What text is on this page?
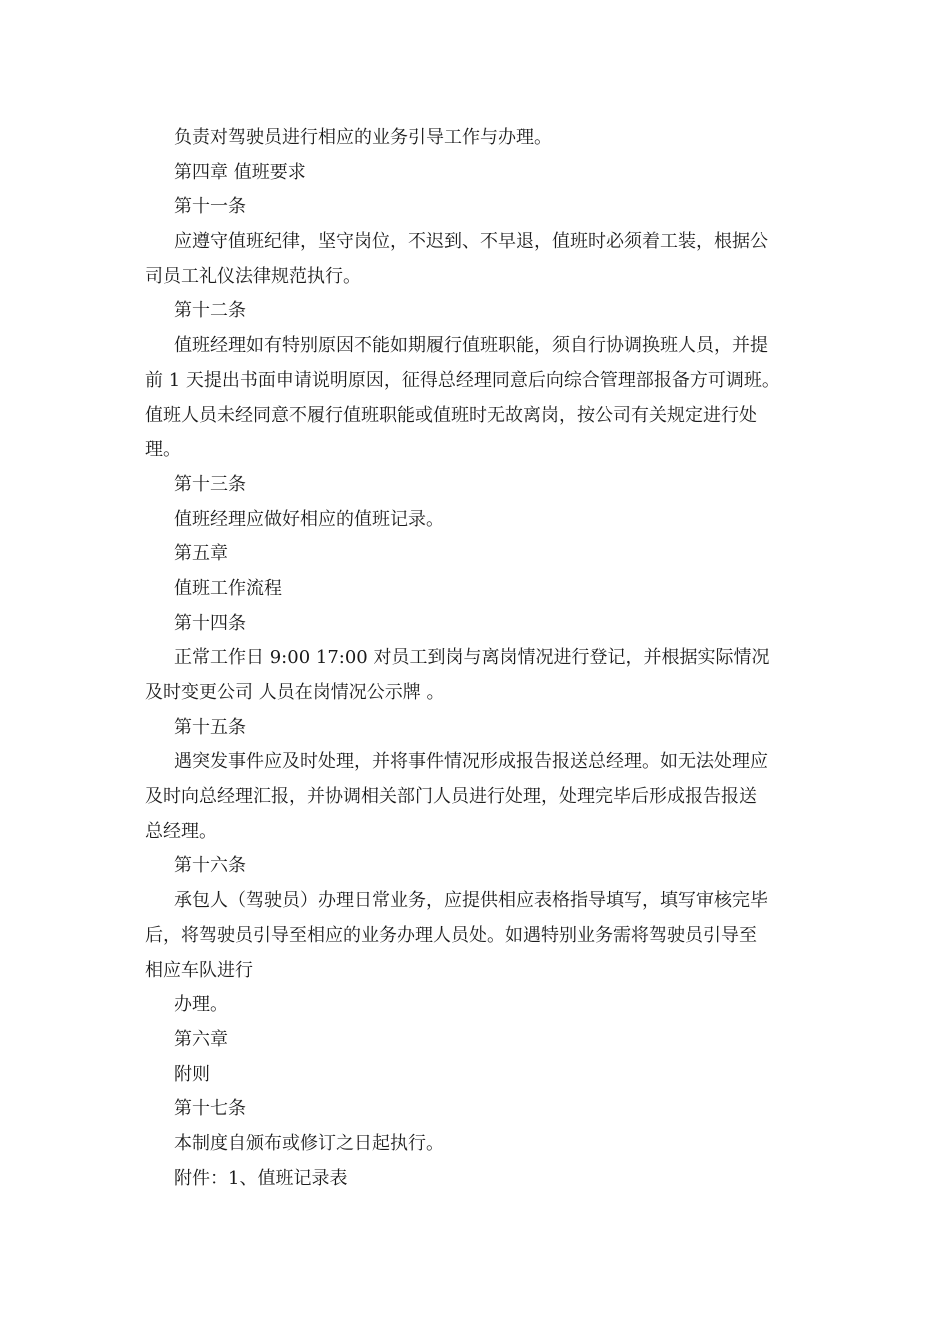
负责对驾驶员进行相应的业务引导工作与办理。
第四章 值班要求
第十一条
应遵守值班纪律，坚守岗位，不迟到、不早退，值班时必须着工装，根据公
司员工礼仪法律规范执行。
第十二条
值班经理如有特别原因不能如期履行值班职能，须自行协调换班人员，并提
前 1 天提出书面申请说明原因，征得总经理同意后向综合管理部报备方可调班。
值班人员未经同意不履行值班职能或值班时无故离岗，按公司有关规定进行处
理。
第十三条
值班经理应做好相应的值班记录。
第五章
值班工作流程
第十四条
正常工作日 9:00 17:00 对员工到岗与离岗情况进行登记，并根据实际情况
及时变更公司 人员在岗情况公示牌 。
第十五条
遇突发事件应及时处理，并将事件情况形成报告报送总经理。如无法处理应
及时向总经理汇报，并协调相关部门人员进行处理，处理完毕后形成报告报送
总经理。
第十六条
承包人（驾驶员）办理日常业务，应提供相应表格指导填写，填写审核完毕
后，将驾驶员引导至相应的业务办理人员处。如遇特别业务需将驾驶员引导至
相应车队进行
办理。
第六章
附则
第十七条
本制度自颁布或修订之日起执行。
附件：1、值班记录表
